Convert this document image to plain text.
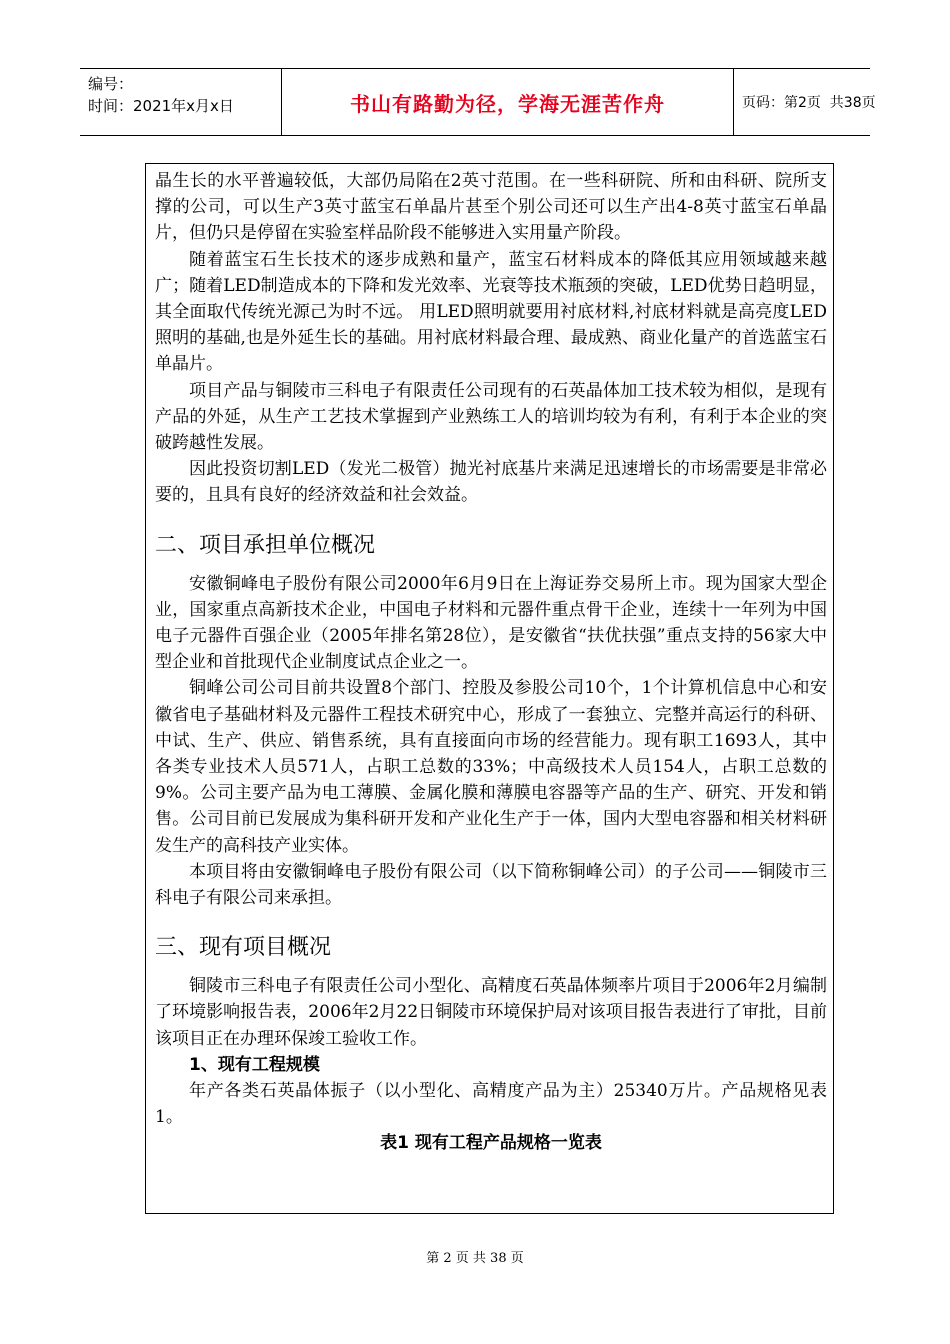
编号：
时间：2021年x月x日	书山有路勤为径，学海无涯苦作舟	页码：第2页  共38页

晶生长的水平普遍较低，大部仍局陷在2英寸范围。在一些科研院、所和由科研、院所支撑的公司，可以生产3英寸蓝宝石单晶片甚至个别公司还可以生产出4-8英寸蓝宝石单晶片，但仍只是停留在实验室样品阶段不能够进入实用量产阶段。

随着蓝宝石生长技术的逐步成熟和量产，蓝宝石材料成本的降低其应用领域越来越广；随着LED制造成本的下降和发光效率、光衰等技术瓶颈的突破，LED优势日趋明显，其全面取代传统光源己为时不远。 用LED照明就要用衬底材料,衬底材料就是高亮度LED照明的基础,也是外延生长的基础。用衬底材料最合理、最成熟、商业化量产的首选蓝宝石单晶片。

项目产品与铜陵市三科电子有限责任公司现有的石英晶体加工技术较为相似，是现有产品的外延，从生产工艺技术掌握到产业熟练工人的培训均较为有利，有利于本企业的突破跨越性发展。

因此投资切割LED（发光二极管）抛光衬底基片来满足迅速增长的市场需要是非常必要的，且具有良好的经济效益和社会效益。

二、项目承担单位概况

安徽铜峰电子股份有限公司2000年6月9日在上海证券交易所上市。现为国家大型企业，国家重点高新技术企业，中国电子材料和元器件重点骨干企业，连续十一年列为中国电子元器件百强企业（2005年排名第28位），是安徽省“扶优扶强”重点支持的56家大中型企业和首批现代企业制度试点企业之一。

铜峰公司公司目前共设置8个部门、控股及参股公司10个，1个计算机信息中心和安徽省电子基础材料及元器件工程技术研究中心，形成了一套独立、完整并高运行的科研、中试、生产、供应、销售系统，具有直接面向市场的经营能力。现有职工1693人，其中各类专业技术人员571人，占职工总数的33%；中高级技术人员154人，占职工总数的9%。公司主要产品为电工薄膜、金属化膜和薄膜电容器等产品的生产、研究、开发和销售。公司目前已发展成为集科研开发和产业化生产于一体，国内大型电容器和相关材料研发生产的高科技产业实体。

本项目将由安徽铜峰电子股份有限公司（以下简称铜峰公司）的子公司——铜陵市三科电子有限公司来承担。

三、现有项目概况

铜陵市三科电子有限责任公司小型化、高精度石英晶体频率片项目于2006年2月编制了环境影响报告表，2006年2月22日铜陵市环境保护局对该项目报告表进行了审批，目前该项目正在办理环保竣工验收工作。

1、现有工程规模

年产各类石英晶体振子（以小型化、高精度产品为主）25340万片。产品规格见表1。

表1 现有工程产品规格一览表

第 2 页 共 38 页
